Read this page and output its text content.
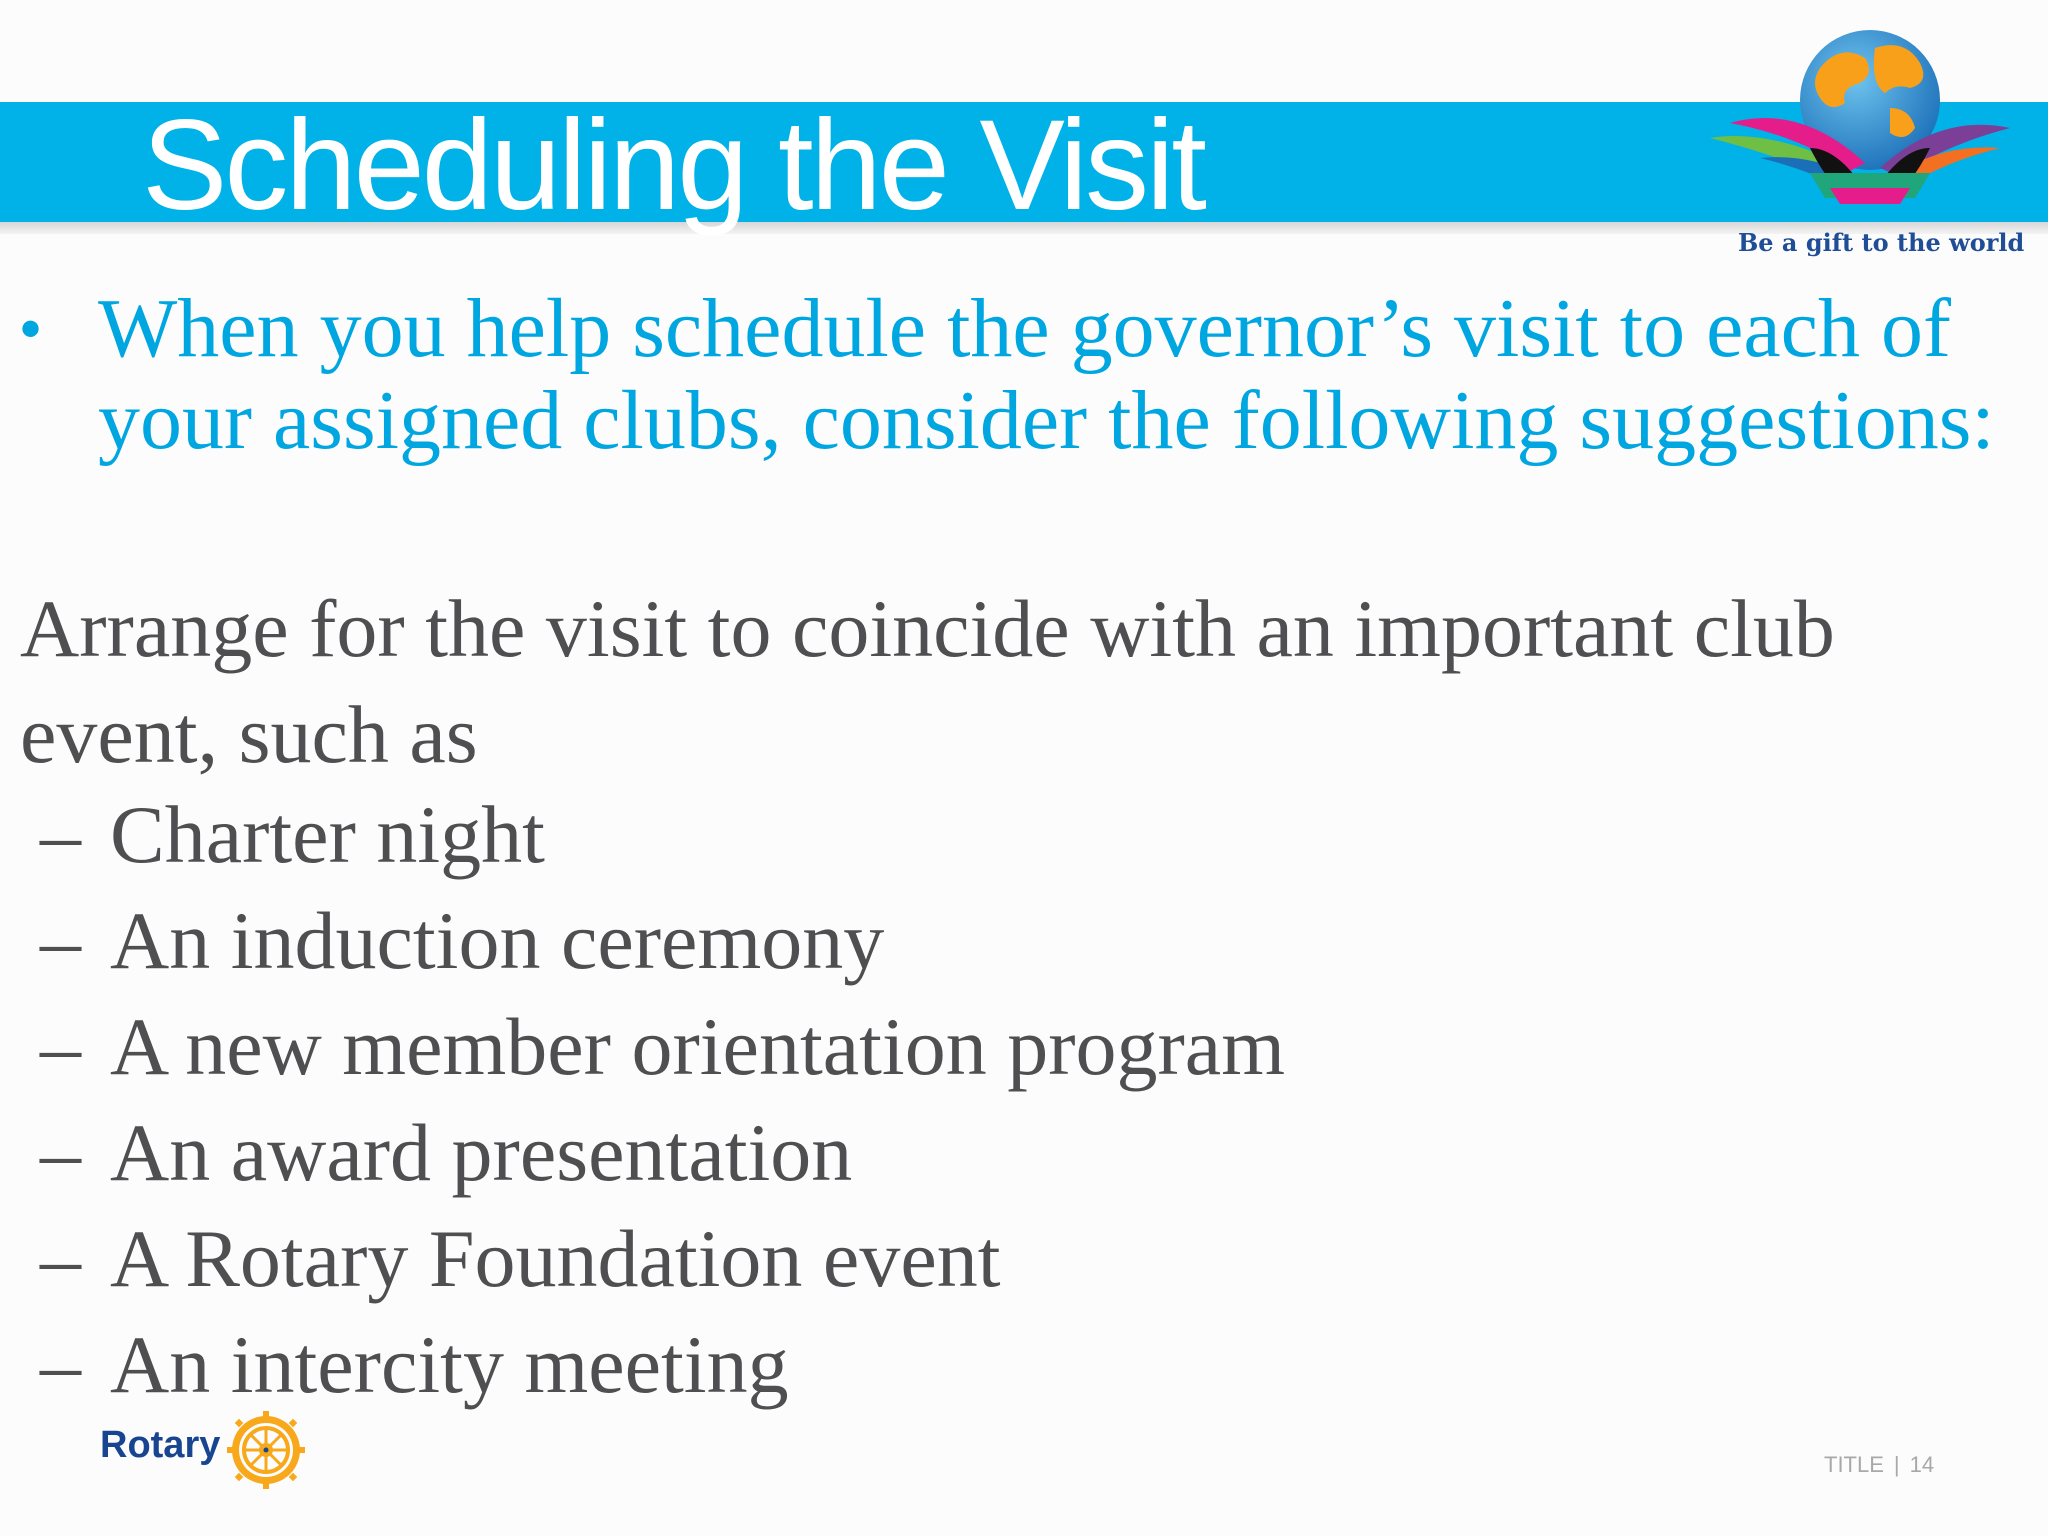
Scheduling the Visit
Be a gift to the world
• When you help schedule the governor’s visit to each of your assigned clubs, consider the following suggestions:
Arrange for the visit to coincide with an important club event, such as
– Charter night
– An induction ceremony
– A new member orientation program
– An award presentation
– A Rotary Foundation event
– An intercity meeting
Rotary	TITLE | 14
